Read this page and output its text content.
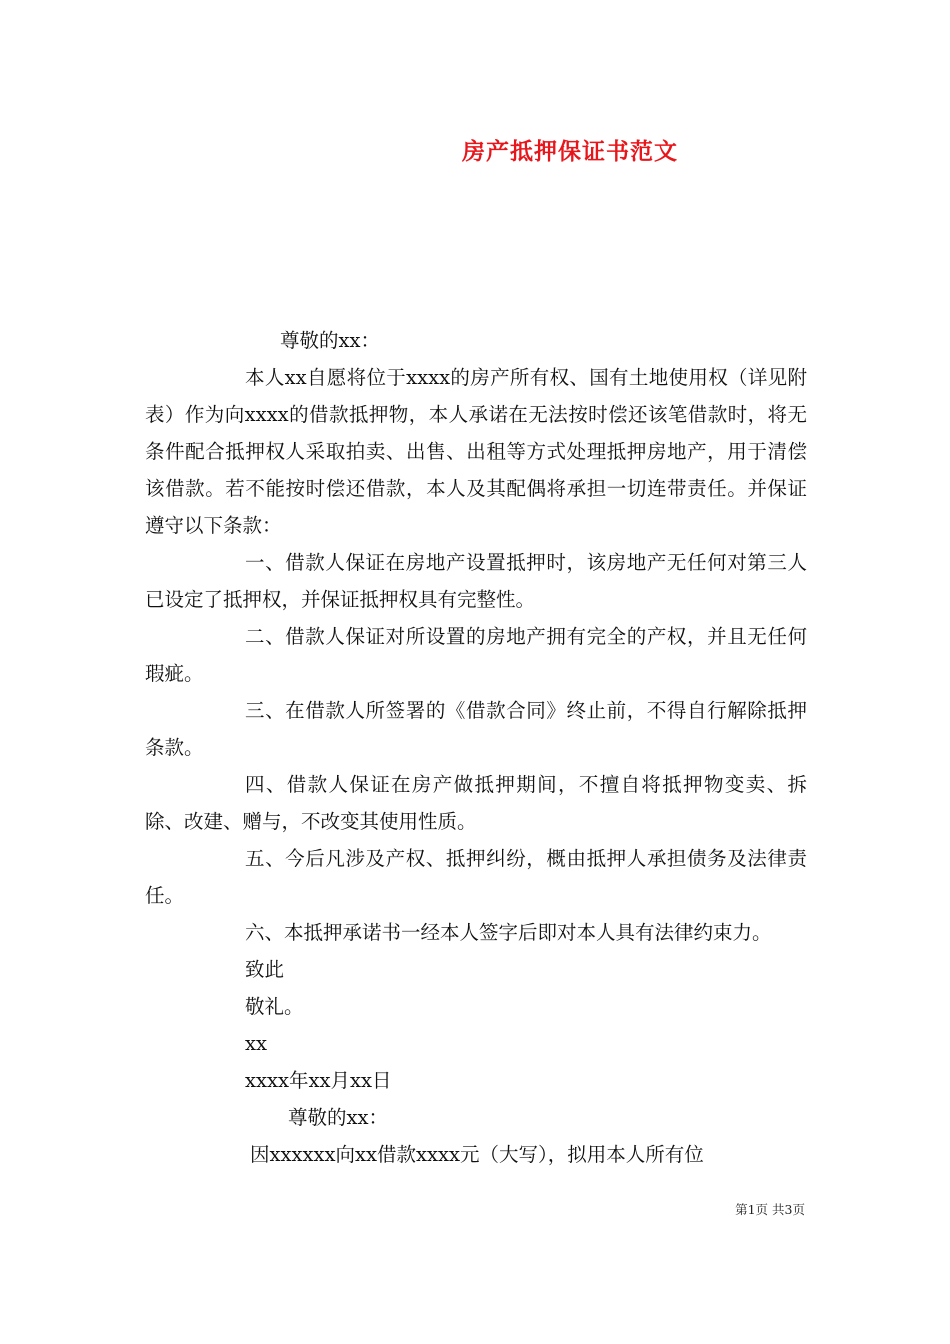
房产抵押保证书范文

尊敬的xx：

本人xx自愿将位于xxxx的房产所有权、国有土地使用权（详见附表）作为向xxxx的借款抵押物，本人承诺在无法按时偿还该笔借款时，将无条件配合抵押权人采取拍卖、出售、出租等方式处理抵押房地产，用于清偿该借款。若不能按时偿还借款，本人及其配偶将承担一切连带责任。并保证遵守以下条款：

一、借款人保证在房地产设置抵押时，该房地产无任何对第三人已设定了抵押权，并保证抵押权具有完整性。

二、借款人保证对所设置的房地产拥有完全的产权，并且无任何瑕疵。

三、在借款人所签署的《借款合同》终止前，不得自行解除抵押条款。

四、借款人保证在房产做抵押期间，不擅自将抵押物变卖、拆除、改建、赠与，不改变其使用性质。

五、今后凡涉及产权、抵押纠纷，概由抵押人承担债务及法律责任。

六、本抵押承诺书一经本人签字后即对本人具有法律约束力。

致此

敬礼。

xx

xxxx年xx月xx日

尊敬的xx：

因xxxxxx向xx借款xxxx元（大写），拟用本人所有位

第1页 共3页
